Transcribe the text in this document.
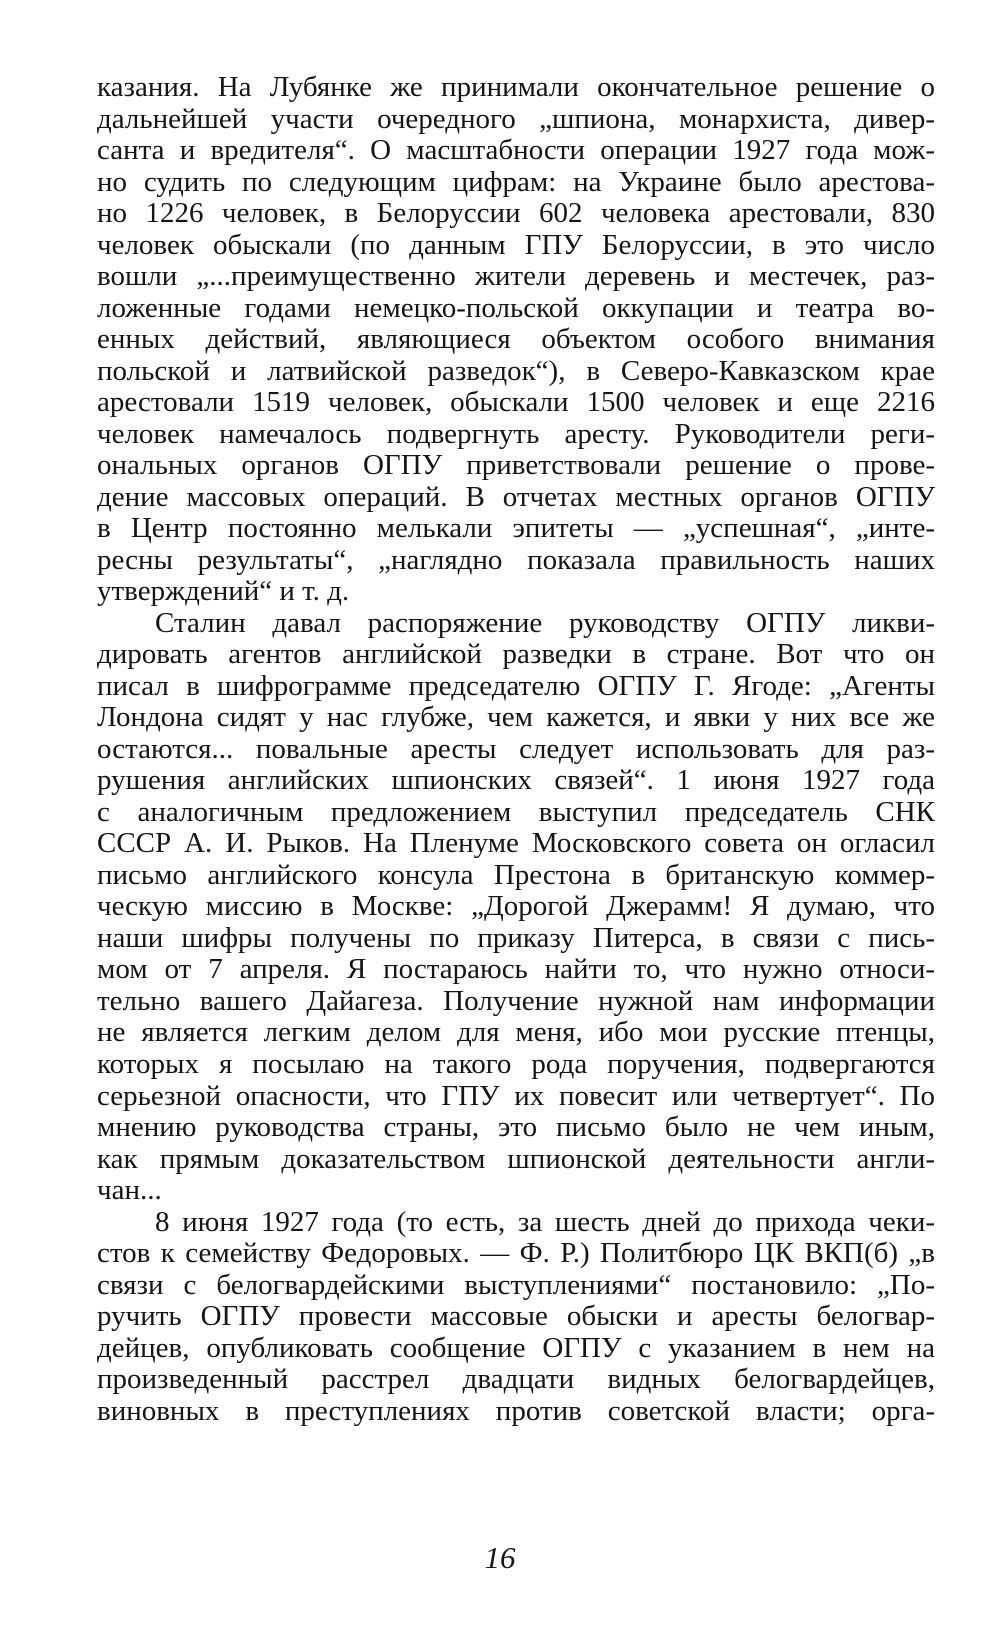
казания. На Лубянке же принимали окончательное решение о
дальнейшей участи очередного „шпиона, монархиста, дивер-
санта и вредителя“. О масштабности операции 1927 года мож-
но судить по следующим цифрам: на Украине было арестова-
но 1226 человек, в Белоруссии 602 человека арестовали, 830
человек обыскали (по данным ГПУ Белоруссии, в это число
вошли „...преимущественно жители деревень и местечек, раз-
ложенные годами немецко-польской оккупации и театра во-
енных действий, являющиеся объектом особого внимания
польской и латвийской разведок“), в Северо-Кавказском крае
арестовали 1519 человек, обыскали 1500 человек и еще 2216
человек намечалось подвергнуть аресту. Руководители реги-
ональных органов ОГПУ приветствовали решение о прове-
дение массовых операций. В отчетах местных органов ОГПУ
в Центр постоянно мелькали эпитеты — „успешная“, „инте-
ресны результаты“, „наглядно показала правильность наших
утверждений“ и т. д.
Сталин давал распоряжение руководству ОГПУ ликви-
дировать агентов английской разведки в стране. Вот что он
писал в шифрограмме председателю ОГПУ Г. Ягоде: „Агенты
Лондона сидят у нас глубже, чем кажется, и явки у них все же
остаются... повальные аресты следует использовать для раз-
рушения английских шпионских связей“. 1 июня 1927 года
с аналогичным предложением выступил председатель СНК
СССР А. И. Рыков. На Пленуме Московского совета он огласил
письмо английского консула Престона в британскую коммер-
ческую миссию в Москве: „Дорогой Джерамм! Я думаю, что
наши шифры получены по приказу Питерса, в связи с пись-
мом от 7 апреля. Я постараюсь найти то, что нужно относи-
тельно вашего Дайагеза. Получение нужной нам информации
не является легким делом для меня, ибо мои русские птенцы,
которых я посылаю на такого рода поручения, подвергаются
серьезной опасности, что ГПУ их повесит или четвертует“. По
мнению руководства страны, это письмо было не чем иным,
как прямым доказательством шпионской деятельности англи-
чан...
8 июня 1927 года (то есть, за шесть дней до прихода чеки-
стов к семейству Федоровых. — Ф. Р.) Политбюро ЦК ВКП(б) „в
связи с белогвардейскими выступлениями“ постановило: „По-
ручить ОГПУ провести массовые обыски и аресты белогвар-
дейцев, опубликовать сообщение ОГПУ с указанием в нем на
произведенный расстрел двадцати видных белогвардейцев,
виновных в преступлениях против советской власти; орга-
16
